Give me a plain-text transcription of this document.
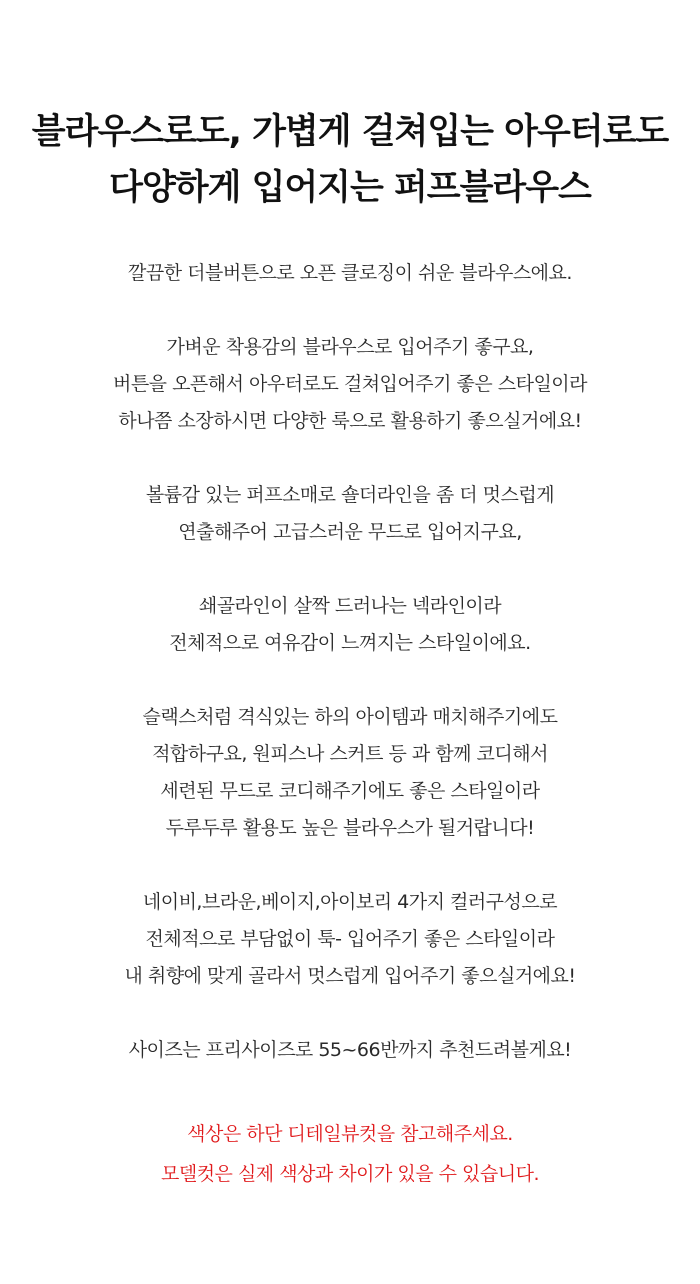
블라우스로도, 가볍게 걸쳐입는 아우터로도
다양하게 입어지는 퍼프블라우스
깔끔한 더블버튼으로 오픈 클로징이 쉬운 블라우스에요.
가벼운 착용감의 블라우스로 입어주기 좋구요,
버튼을 오픈해서 아우터로도 걸쳐입어주기 좋은 스타일이라
하나쯤 소장하시면 다양한 룩으로 활용하기 좋으실거에요!
볼륨감 있는 퍼프소매로 숄더라인을 좀 더 멋스럽게
연출해주어 고급스러운 무드로 입어지구요,
쇄골라인이 살짝 드러나는 넥라인이라
전체적으로 여유감이 느껴지는 스타일이에요.
슬랙스처럼 격식있는 하의 아이템과 매치해주기에도
적합하구요, 원피스나 스커트 등 과 함께 코디해서
세련된 무드로 코디해주기에도 좋은 스타일이라
두루두루 활용도 높은 블라우스가 될거랍니다!
네이비,브라운,베이지,아이보리 4가지 컬러구성으로
전체적으로 부담없이 툭- 입어주기 좋은 스타일이라
내 취향에 맞게 골라서 멋스럽게 입어주기 좋으실거에요!
사이즈는 프리사이즈로 55~66반까지 추천드려볼게요!
색상은 하단 디테일뷰컷을 참고해주세요.
모델컷은 실제 색상과 차이가 있을 수 있습니다.
